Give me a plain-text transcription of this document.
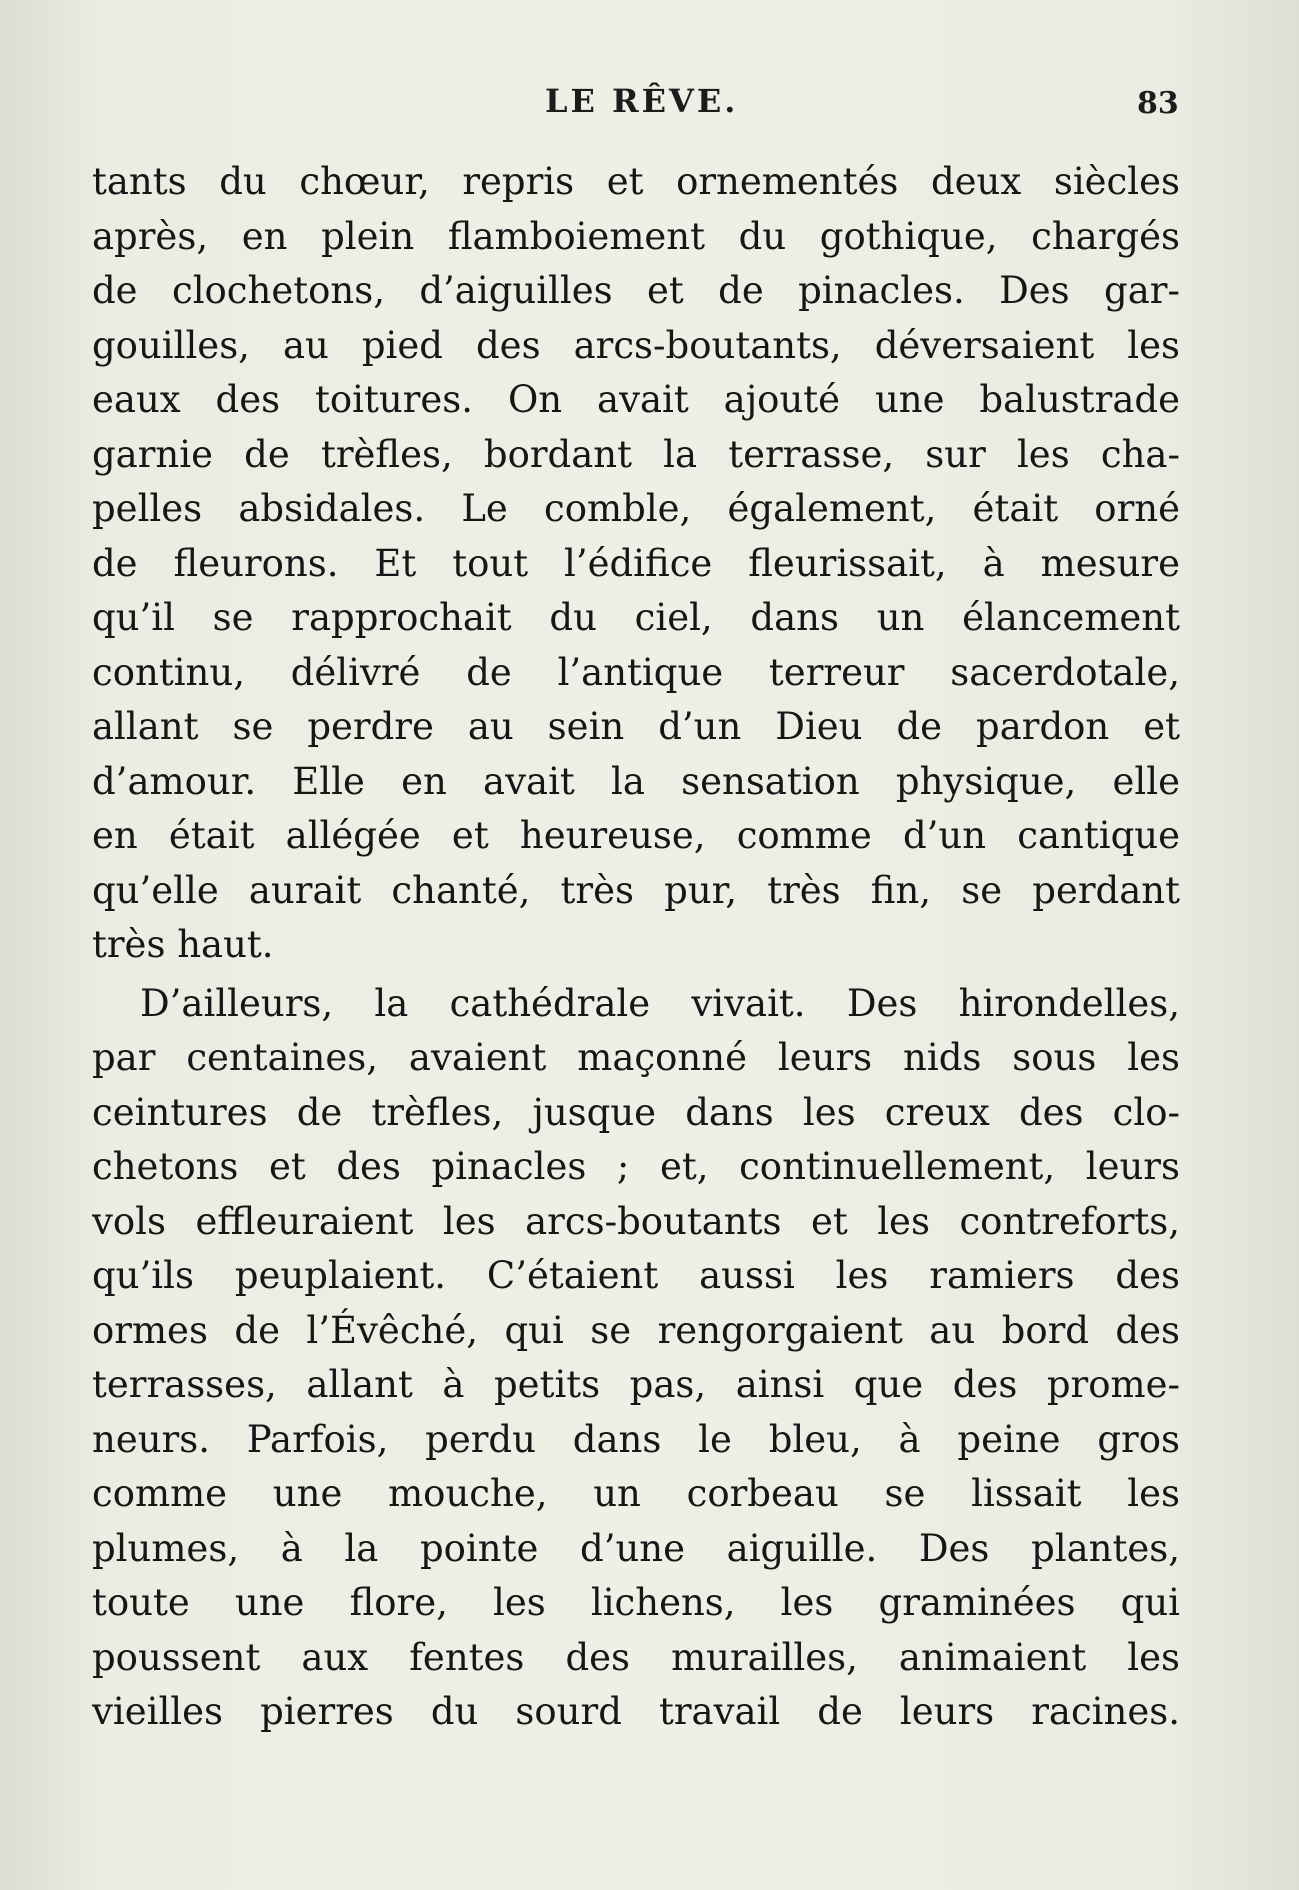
LE RÊVE.	83
tants du chœur, repris et ornementés deux siècles
après, en plein flamboiement du gothique, chargés
de clochetons, d’aiguilles et de pinacles. Des gar-
gouilles, au pied des arcs-boutants, déversaient les
eaux des toitures. On avait ajouté une balustrade
garnie de trèfles, bordant la terrasse, sur les cha-
pelles absidales. Le comble, également, était orné
de fleurons. Et tout l’édifice fleurissait, à mesure
qu’il se rapprochait du ciel, dans un élancement
continu, délivré de l’antique terreur sacerdotale,
allant se perdre au sein d’un Dieu de pardon et
d’amour. Elle en avait la sensation physique, elle
en était allégée et heureuse, comme d’un cantique
qu’elle aurait chanté, très pur, très fin, se perdant
très haut.
D’ailleurs, la cathédrale vivait. Des hirondelles,
par centaines, avaient maçonné leurs nids sous les
ceintures de trèfles, jusque dans les creux des clo-
chetons et des pinacles ; et, continuellement, leurs
vols effleuraient les arcs-boutants et les contreforts,
qu’ils peuplaient. C’étaient aussi les ramiers des
ormes de l’Évêché, qui se rengorgaient au bord des
terrasses, allant à petits pas, ainsi que des prome-
neurs. Parfois, perdu dans le bleu, à peine gros
comme une mouche, un corbeau se lissait les
plumes, à la pointe d’une aiguille. Des plantes,
toute une flore, les lichens, les graminées qui
poussent aux fentes des murailles, animaient les
vieilles pierres du sourd travail de leurs racines.
